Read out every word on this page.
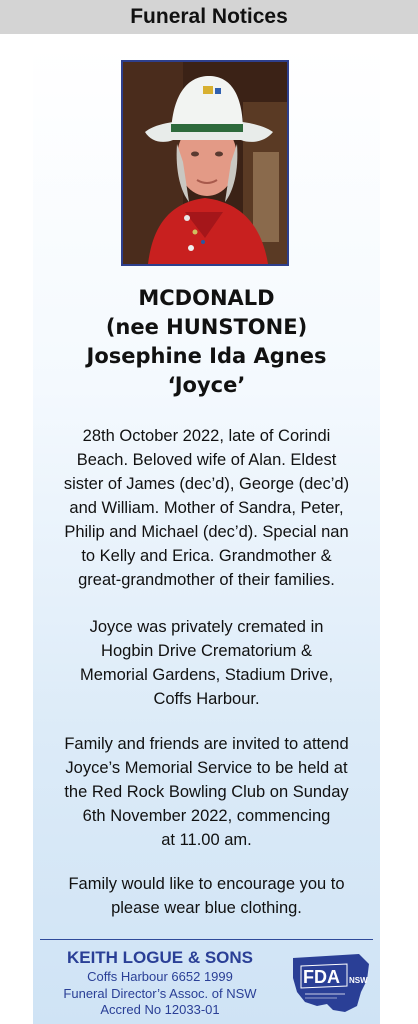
Funeral Notices
MCDONALD
(nee HUNSTONE)
Josephine Ida Agnes
‘Joyce’
28th October 2022, late of Corindi
Beach. Beloved wife of Alan. Eldest
sister of James (dec’d), George (dec’d)
and William. Mother of Sandra, Peter,
Philip and Michael (dec’d). Special nan
to Kelly and Erica. Grandmother &
great-grandmother of their families.
Joyce was privately cremated in
Hogbin Drive Crematorium &
Memorial Gardens, Stadium Drive,
Coffs Harbour.
Family and friends are invited to attend
Joyce’s Memorial Service to be held at
the Red Rock Bowling Club on Sunday
6th November 2022, commencing
at 11.00 am.
Family would like to encourage you to
please wear blue clothing.
KEITH LOGUE & SONS
Coffs Harbour 6652 1999
Funeral Director’s Assoc. of NSW
Accred No 12033-01
FDA NSW
